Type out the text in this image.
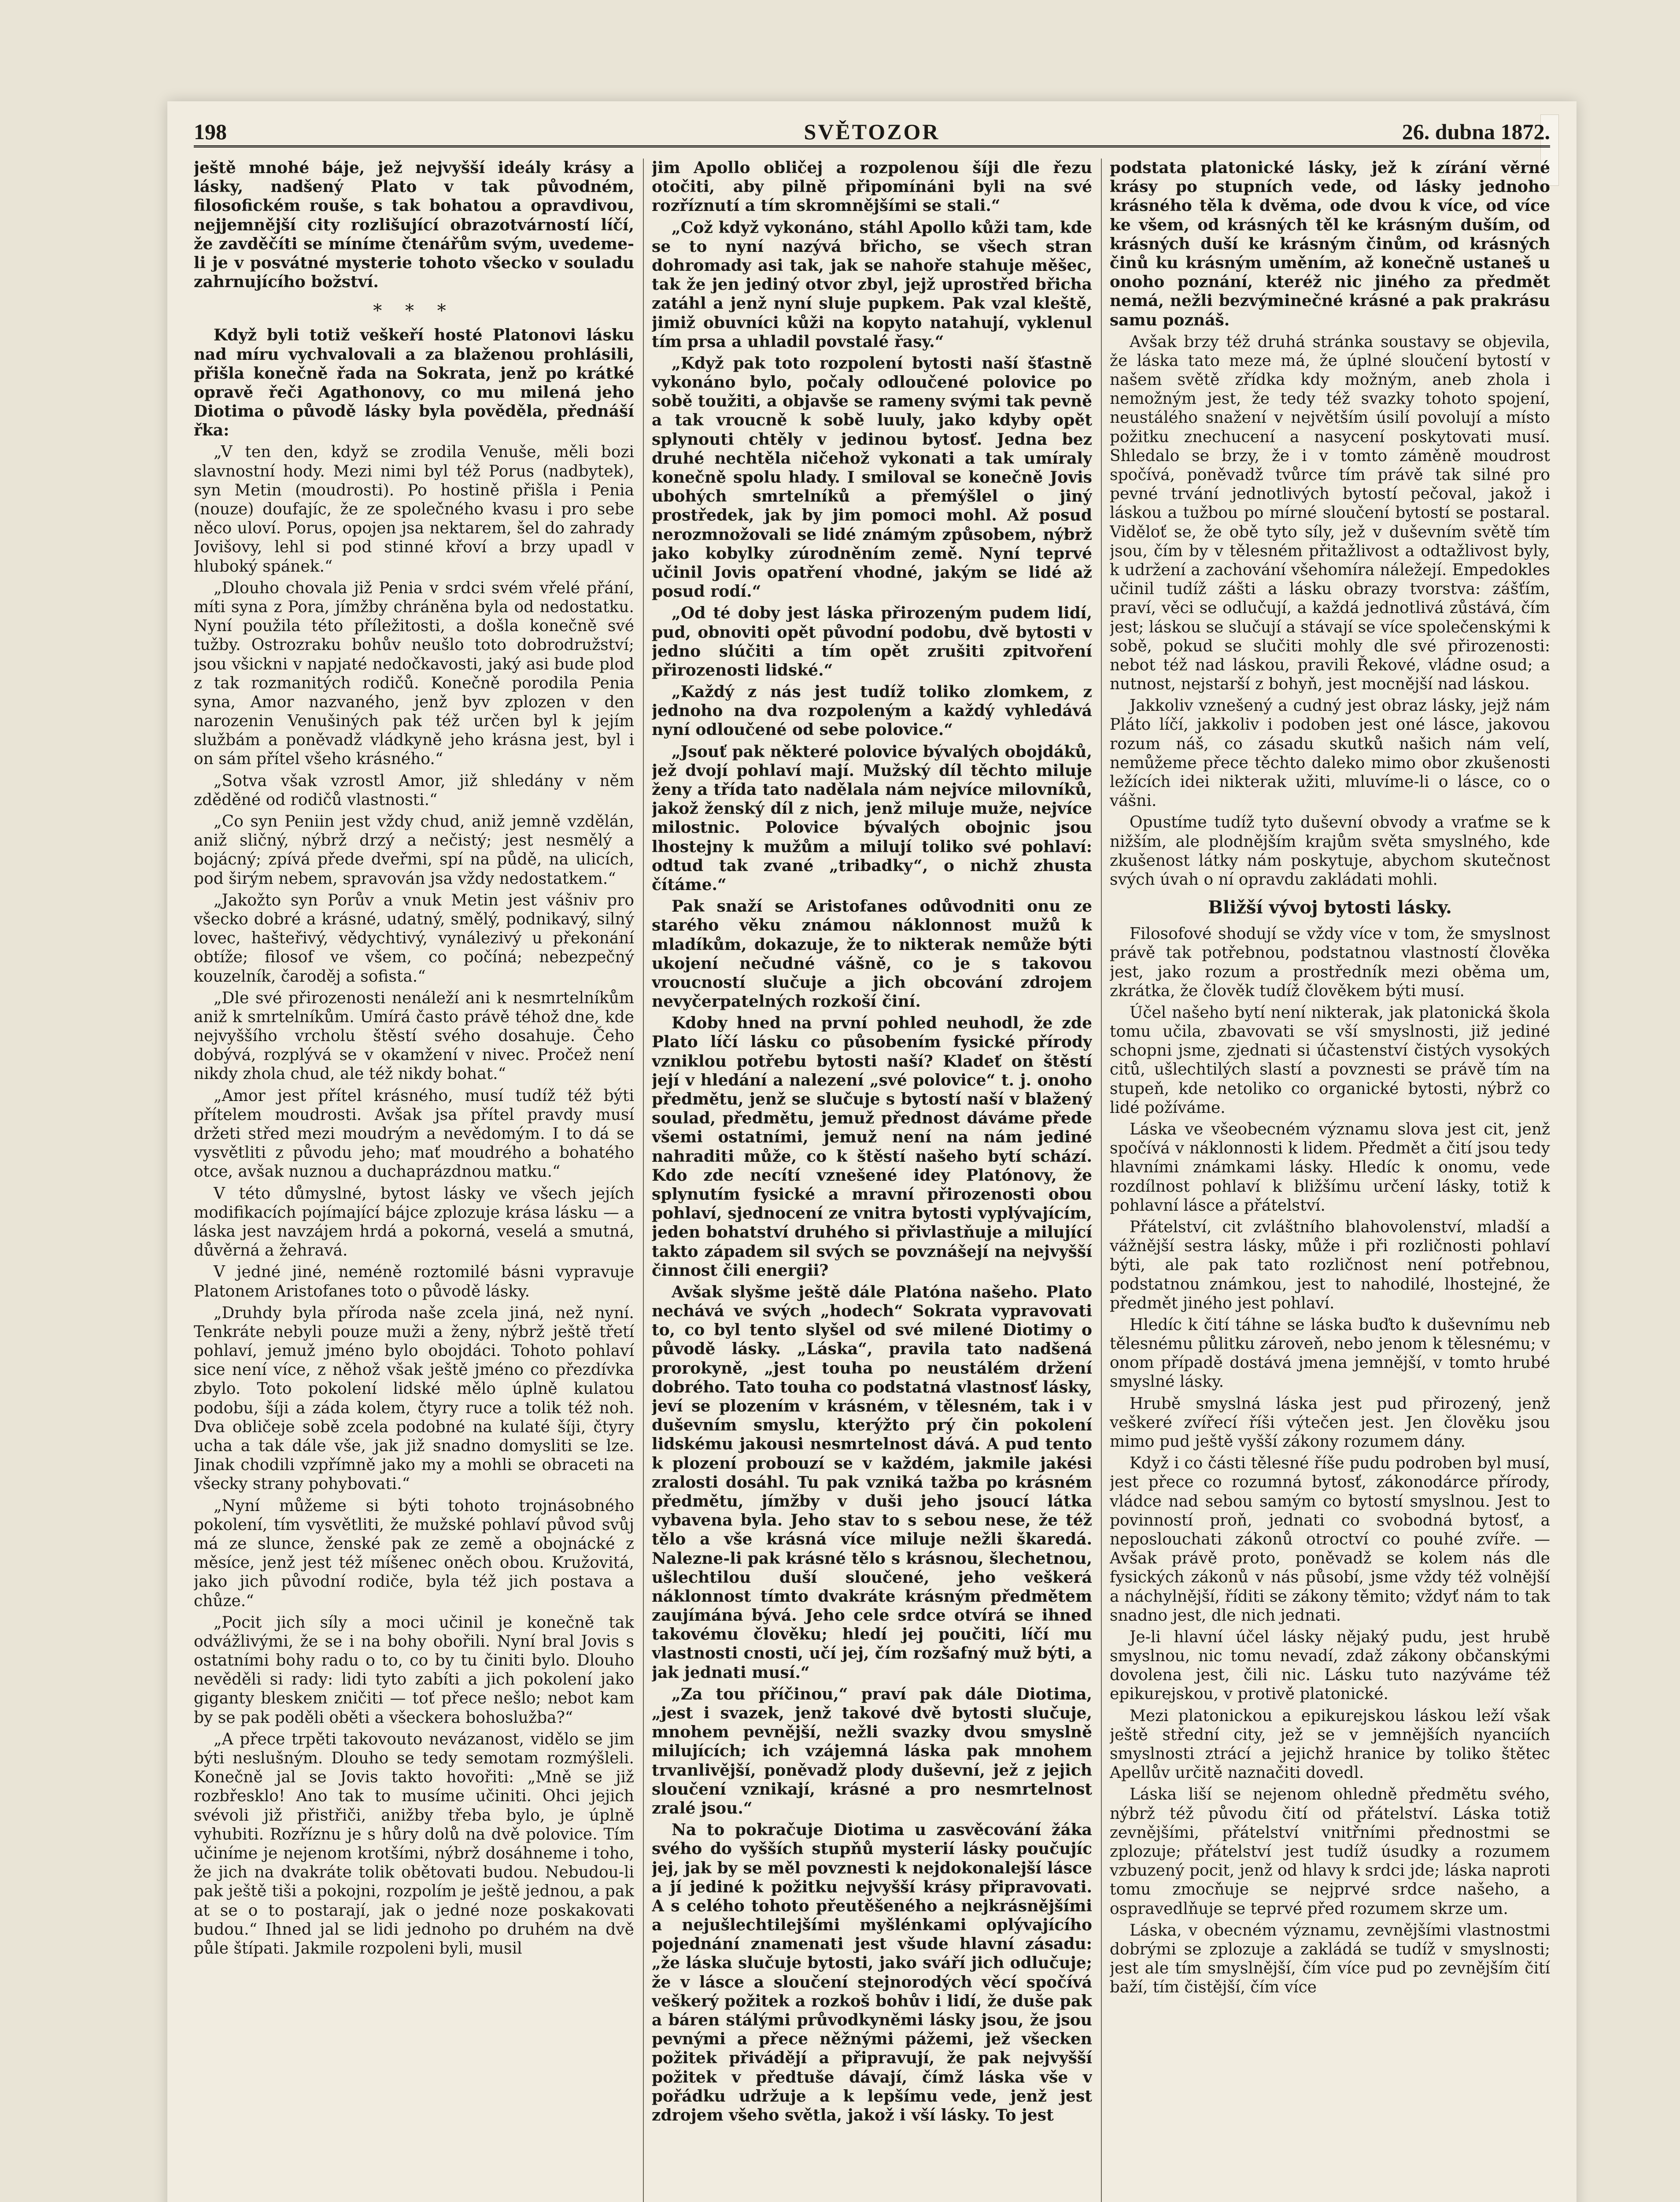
198	SVĚTOZOR	26. dubna 1872.

ještě mnohé báje, jež nejvyšší ideály krásy a lásky, nadšený Plato v tak původném, filosofickém rouše, s tak bohatou a opravdivou, nejjemnější city rozlišující obrazotvárností líčí, že zavděčíti se míníme čtenářům svým, uvedeme-li je v posvátné mysterie tohoto všecko v souladu zahrnujícího božství.

* * *

Když byli totiž veškeří hosté Platonovi lásku nad míru vychvalovali a za blaženou prohlásili, přišla konečně řada na Sokrata, jenž po krátké opravě řeči Agathonovy, co mu milená jeho Diotima o původě lásky byla pověděla, přednáší řka:

„V ten den, když se zrodila Venuše, měli bozi slavnostní hody. Mezi nimi byl též Porus (nadbytek), syn Metin (moudrosti). Po hostině přišla i Penia (nouze) doufajíc, že ze společného kvasu i pro sebe něco uloví. Porus, opojen jsa nektarem, šel do zahrady Jovišovy, lehl si pod stinné křoví a brzy upadl v hluboký spánek.“

„Dlouho chovala již Penia v srdci svém vřelé přání, míti syna z Pora, jímžby chráněna byla od nedostatku. Nyní použila této příležitosti, a došla konečně své tužby. Ostrozraku bohův neušlo toto dobrodružství; jsou všickni v napjaté nedočkavosti, jaký asi bude plod z tak rozmanitých rodičů. Konečně porodila Penia syna, Amor nazvaného, jenž byv zplozen v den narozenin Venušiných pak též určen byl k jejím službám a poněvadž vládkyně jeho krásna jest, byl i on sám přítel všeho krásného.“

„Sotva však vzrostl Amor, již shledány v něm zděděné od rodičů vlastnosti.“

„Co syn Peniin jest vždy chud, aniž jemně vzdělán, aniž sličný, nýbrž drzý a nečistý; jest nesmělý a bojácný; zpívá přede dveřmi, spí na půdě, na ulicích, pod širým nebem, spravován jsa vždy nedostatkem.“

„Jakožto syn Porův a vnuk Metin jest vášniv pro všecko dobré a krásné, udatný, smělý, podnikavý, silný lovec, hašteřivý, vědychtivý, vynálezivý u překonání obtíže; filosof ve všem, co počíná; nebezpečný kouzelník, čaroděj a sofista.“

„Dle své přirozenosti nenáleží ani k nesmrtelníkům aniž k smrtelníkům. Umírá často právě téhož dne, kde nejvyššího vrcholu štěstí svého dosahuje. Čeho dobývá, rozplývá se v okamžení v nivec. Pročež není nikdy zhola chud, ale též nikdy bohat.“

„Amor jest přítel krásného, musí tudíž též býti přítelem moudrosti. Avšak jsa přítel pravdy musí držeti střed mezi moudrým a nevědomým. I to dá se vysvětliti z původu jeho; mať moudrého a bohatého otce, avšak nuznou a duchaprázdnou matku.“

V této důmyslné, bytost lásky ve všech jejích modifikacích pojímající bájce zplozuje krása lásku — a láska jest navzájem hrdá a pokorná, veselá a smutná, důvěrná a žehravá.

V jedné jiné, neméně roztomilé básni vypravuje Platonem Aristofanes toto o původě lásky.

„Druhdy byla příroda naše zcela jiná, než nyní. Tenkráte nebyli pouze muži a ženy, nýbrž ještě třetí pohlaví, jemuž jméno bylo obojdáci. Tohoto pohlaví sice není více, z něhož však ještě jméno co přezdívka zbylo. Toto pokolení lidské mělo úplně kulatou podobu, šíji a záda kolem, čtyry ruce a tolik též noh. Dva obličeje sobě zcela podobné na kulaté šíji, čtyry ucha a tak dále vše, jak již snadno domysliti se lze. Jinak chodili vzpřímně jako my a mohli se obraceti na všecky strany pohybovati.“

„Nyní můžeme si býti tohoto trojnásobného pokolení, tím vysvětliti, že mužské pohlaví původ svůj má ze slunce, ženské pak ze země a obojnácké z měsíce, jenž jest též míšenec oněch obou. Kružovitá, jako jich původní rodiče, byla též jich postava a chůze.“

„Pocit jich síly a moci učinil je konečně tak odvážlivými, že se i na bohy obořili. Nyní bral Jovis s ostatními bohy radu o to, co by tu činiti bylo. Dlouho nevěděli si rady: lidi tyto zabíti a jich pokolení jako giganty bleskem zničiti — toť přece nešlo; nebot kam by se pak poděli oběti a všeckera bohoslužba?“

„A přece trpěti takovouto nevázanost, vidělo se jim býti neslušným. Dlouho se tedy semotam rozmýšleli. Konečně jal se Jovis takto hovořiti: „Mně se již rozbřesklo! Ano tak to musíme učiniti. Ohci jejich svévoli již přistřiči, anižby třeba bylo, je úplně vyhubiti. Rozříznu je s hůry dolů na dvě polovice. Tím učiníme je nejenom krotšími, nýbrž dosáhneme i toho, že jich na dvakráte tolik obětovati budou. Nebudou-li pak ještě tiši a pokojni, rozpolím je ještě jednou, a pak at se o to postarají, jak o jedné noze poskakovati budou.“ Ihned jal se lidi jednoho po druhém na dvě půle štípati. Jakmile rozpoleni byli, musil

jim Apollo obličej a rozpolenou šíji dle řezu otočiti, aby pilně připomínáni byli na své rozříznutí a tím skromnějšími se stali.“

„Což když vykonáno, stáhl Apollo kůži tam, kde se to nyní nazývá břicho, se všech stran dohromady asi tak, jak se nahoře stahuje měšec, tak že jen jediný otvor zbyl, jejž uprostřed břicha zatáhl a jenž nyní sluje pupkem. Pak vzal kleště, jimiž obuvníci kůži na kopyto natahují, vyklenul tím prsa a uhladil povstalé řasy.“

„Když pak toto rozpolení bytosti naší šťastně vykonáno bylo, počaly odloučené polovice po sobě toužiti, a objavše se rameny svými tak pevně a tak vroucně k sobě luuly, jako kdyby opět splynouti chtěly v jedinou bytosť. Jedna bez druhé nechtěla ničehož vykonati a tak umíraly konečně spolu hlady. I smiloval se konečně Jovis ubohých smrtelníků a přemýšlel o jiný prostředek, jak by jim pomoci mohl. Až posud nerozmnožovali se lidé známým způsobem, nýbrž jako kobylky zúrodněním země. Nyní teprvé učinil Jovis opatření vhodné, jakým se lidé až posud rodí.“

„Od té doby jest láska přirozeným pudem lidí, pud, obnoviti opět původní podobu, dvě bytosti v jedno slúčiti a tím opět zrušiti zpitvoření přirozenosti lidské.“

„Každý z nás jest tudíž toliko zlomkem, z jednoho na dva rozpoleným a každý vyhledává nyní odloučené od sebe polovice.“

„Jsouť pak některé polovice bývalých obojdáků, jež dvojí pohlaví mají. Mužský díl těchto miluje ženy a třída tato nadělala nám nejvíce milovníků, jakož ženský díl z nich, jenž miluje muže, nejvíce milostnic. Polovice bývalých obojnic jsou lhostejny k mužům a milují toliko své pohlaví: odtud tak zvané „tribadky“, o nichž zhusta čítáme.“

Pak snaží se Aristofanes odůvodniti onu ze starého věku známou náklonnost mužů k mladíkům, dokazuje, že to nikterak nemůže býti ukojení nečudné vášně, co je s takovou vroucností slučuje a jich obcování zdrojem nevyčerpatelných rozkoší činí.

Kdoby hned na první pohled neuhodl, že zde Plato líčí lásku co působením fysické přírody vzniklou potřebu bytosti naší? Kladeť on štěstí její v hledání a nalezení „své polovice“ t. j. onoho předmětu, jenž se slučuje s bytostí naší v blažený soulad, předmětu, jemuž přednost dáváme přede všemi ostatními, jemuž není na nám jediné nahraditi může, co k štěstí našeho bytí schází. Kdo zde necítí vznešené idey Platónovy, že splynutím fysické a mravní přirozenosti obou pohlaví, sjednocení ze vnitra bytosti vyplývajícím, jeden bohatství druhého si přivlastňuje a milující takto západem sil svých se povznášejí na nejvyšší činnost čili energii?

Avšak slyšme ještě dále Platóna našeho. Plato nechává ve svých „hodech“ Sokrata vypravovati to, co byl tento slyšel od své milené Diotimy o původě lásky. „Láska“, pravila tato nadšená prorokyně, „jest touha po neustálém držení dobrého. Tato touha co podstatná vlastnosť lásky, jeví se plozením v krásném, v tělesném, tak i v duševním smyslu, kterýžto prý čin pokolení lidskému jakousi nesmrtelnost dává. A pud tento k plození probouzí se v každém, jakmile jakési zralosti dosáhl. Tu pak vzniká tažba po krásném předmětu, jímžby v duši jeho jsoucí látka vybavena byla. Jeho stav to s sebou nese, že též tělo a vše krásná více miluje nežli škaredá. Nalezne-li pak krásné tělo s krásnou, šlechetnou, ušlechtilou duší sloučené, jeho veškerá náklonnost tímto dvakráte krásným předmětem zaujímána bývá. Jeho cele srdce otvírá se ihned takovému člověku; hledí jej poučiti, líčí mu vlastnosti cnosti, učí jej, čím rozšafný muž býti, a jak jednati musí.“

„Za tou příčinou,“ praví pak dále Diotima, „jest i svazek, jenž takové dvě bytosti slučuje, mnohem pevnější, nežli svazky dvou smyslně milujících; ich vzájemná láska pak mnohem trvanlivější, poněvadž plody duševní, jež z jejich sloučení vznikají, krásné a pro nesmrtelnost zralé jsou.“

Na to pokračuje Diotima u zasvěcování žáka svého do vyšších stupňů mysterií lásky poučujíc jej, jak by se měl povznesti k nejdokonalejší lásce a jí jediné k požitku nejvyšší krásy připravovati. A s celého tohoto přeutěšeného a nejkrásnějšími a nejušlechtilejšími myšlénkami oplývajícího pojednání znamenati jest všude hlavní zásadu: „že láska slučuje bytosti, jako sváří jich odlučuje; že v lásce a sloučení stejnorodých věcí spočívá veškerý požitek a rozkoš bohův i lidí, že duše pak a báren stálými průvodkyněmi lásky jsou, že jsou pevnými a přece něžnými pážemi, jež všecken požitek přivádějí a připravují, že pak nejvyšší požitek v předtuše dávají, čímž láska vše v pořádku udržuje a k lepšímu vede, jenž jest zdrojem všeho světla, jakož i vší lásky. To jest

podstata platonické lásky, jež k zírání věrné krásy po stupních vede, od lásky jednoho krásného těla k dvěma, ode dvou k více, od více ke všem, od krásných těl ke krásným duším, od krásných duší ke krásným činům, od krásných činů ku krásným uměním, až konečně ustaneš u onoho poznání, kteréž nic jiného za předmět nemá, nežli bezvýminečné krásné a pak prakrásu samu poznáš.

Avšak brzy též druhá stránka soustavy se objevila, že láska tato meze má, že úplné sloučení bytostí v našem světě zřídka kdy možným, aneb zhola i nemožným jest, že tedy též svazky tohoto spojení, neustálého snažení v největším úsilí povolují a místo požitku znechucení a nasycení poskytovati musí. Shledalo se brzy, že i v tomto záměně moudrost spočívá, poněvadž tvůrce tím právě tak silné pro pevné trvání jednotlivých bytostí pečoval, jakož i láskou a tužbou po mírné sloučení bytostí se postaral. Viděloť se, že obě tyto síly, jež v duševním světě tím jsou, čím by v tělesném přitažlivost a odtažlivost byly, k udržení a zachování všehomíra náležejí. Empedokles učinil tudíž zášti a lásku obrazy tvorstva: zášťím, praví, věci se odlučují, a každá jednotlivá zůstává, čím jest; láskou se slučují a stávají se více společenskými k sobě, pokud se slučiti mohly dle své přirozenosti: nebot též nad láskou, pravili Řekové, vládne osud; a nutnost, nejstarší z bohyň, jest mocnější nad láskou.

Jakkoliv vznešený a cudný jest obraz lásky, jejž nám Pláto líčí, jakkoliv i podoben jest oné lásce, jakovou rozum náš, co zásadu skutků našich nám velí, nemůžeme přece těchto daleko mimo obor zkušenosti ležících idei nikterak užiti, mluvíme-li o lásce, co o vášni.

Opustíme tudíž tyto duševní obvody a vraťme se k nižším, ale plodnějším krajům světa smyslného, kde zkušenost látky nám poskytuje, abychom skutečnost svých úvah o ní opravdu zakládati mohli.

Bližší vývoj bytosti lásky.

Filosofové shodují se vždy více v tom, že smyslnost právě tak potřebnou, podstatnou vlastností člověka jest, jako rozum a prostředník mezi oběma um, zkrátka, že člověk tudíž člověkem býti musí.

Účel našeho bytí není nikterak, jak platonická škola tomu učila, zbavovati se vší smyslnosti, již jediné schopni jsme, zjednati si účastenství čistých vysokých citů, ušlechtilých slastí a povznesti se právě tím na stupeň, kde netoliko co organické bytosti, nýbrž co lidé požíváme.

Láska ve všeobecném významu slova jest cit, jenž spočívá v náklonnosti k lidem. Předmět a čití jsou tedy hlavními známkami lásky. Hledíc k onomu, vede rozdílnost pohlaví k bližšímu určení lásky, totiž k pohlavní lásce a přátelství.

Přátelství, cit zvláštního blahovolenství, mladší a vážnější sestra lásky, může i při rozličnosti pohlaví býti, ale pak tato rozličnost není potřebnou, podstatnou známkou, jest to nahodilé, lhostejné, že předmět jiného jest pohlaví.

Hledíc k čití táhne se láska buďto k duševnímu neb tělesnému půlitku zároveň, nebo jenom k tělesnému; v onom případě dostává jmena jemnější, v tomto hrubé smyslné lásky.

Hrubě smyslná láska jest pud přirozený, jenž veškeré zvířecí říši výtečen jest. Jen člověku jsou mimo pud ještě vyšší zákony rozumem dány.

Když i co části tělesné říše pudu podroben byl musí, jest přece co rozumná bytosť, zákonodárce přírody, vládce nad sebou samým co bytostí smyslnou. Jest to povinností proň, jednati co svobodná bytosť, a neposlouchati zákonů otroctví co pouhé zvíře. — Avšak právě proto, poněvadž se kolem nás dle fysických zákonů v nás působí, jsme vždy též volnější a náchylnější, říditi se zákony těmito; vždyť nám to tak snadno jest, dle nich jednati.

Je-li hlavní účel lásky nějaký pudu, jest hrubě smyslnou, nic tomu nevadí, zdaž zákony občanskými dovolena jest, čili nic. Lásku tuto nazýváme též epikurejskou, v protivě platonické.

Mezi platonickou a epikurejskou láskou leží však ještě střední city, jež se v jemnějších nyanciích smyslnosti ztrácí a jejichž hranice by toliko štětec Apellův určitě naznačiti dovedl.

Láska liší se nejenom ohledně předmětu svého, nýbrž též původu čití od přátelství. Láska totiž zevnějšími, přátelství vnitřními přednostmi se zplozuje; přátelství jest tudíž úsudky a rozumem vzbuzený pocit, jenž od hlavy k srdci jde; láska naproti tomu zmocňuje se nejprvé srdce našeho, a ospravedlňuje se teprvé před rozumem skrze um.

Láska, v obecném významu, zevnějšími vlastnostmi dobrými se zplozuje a zakládá se tudíž v smyslnosti; jest ale tím smyslnější, čím více pud po zevnějším čití baží, tím čistější, čím více
